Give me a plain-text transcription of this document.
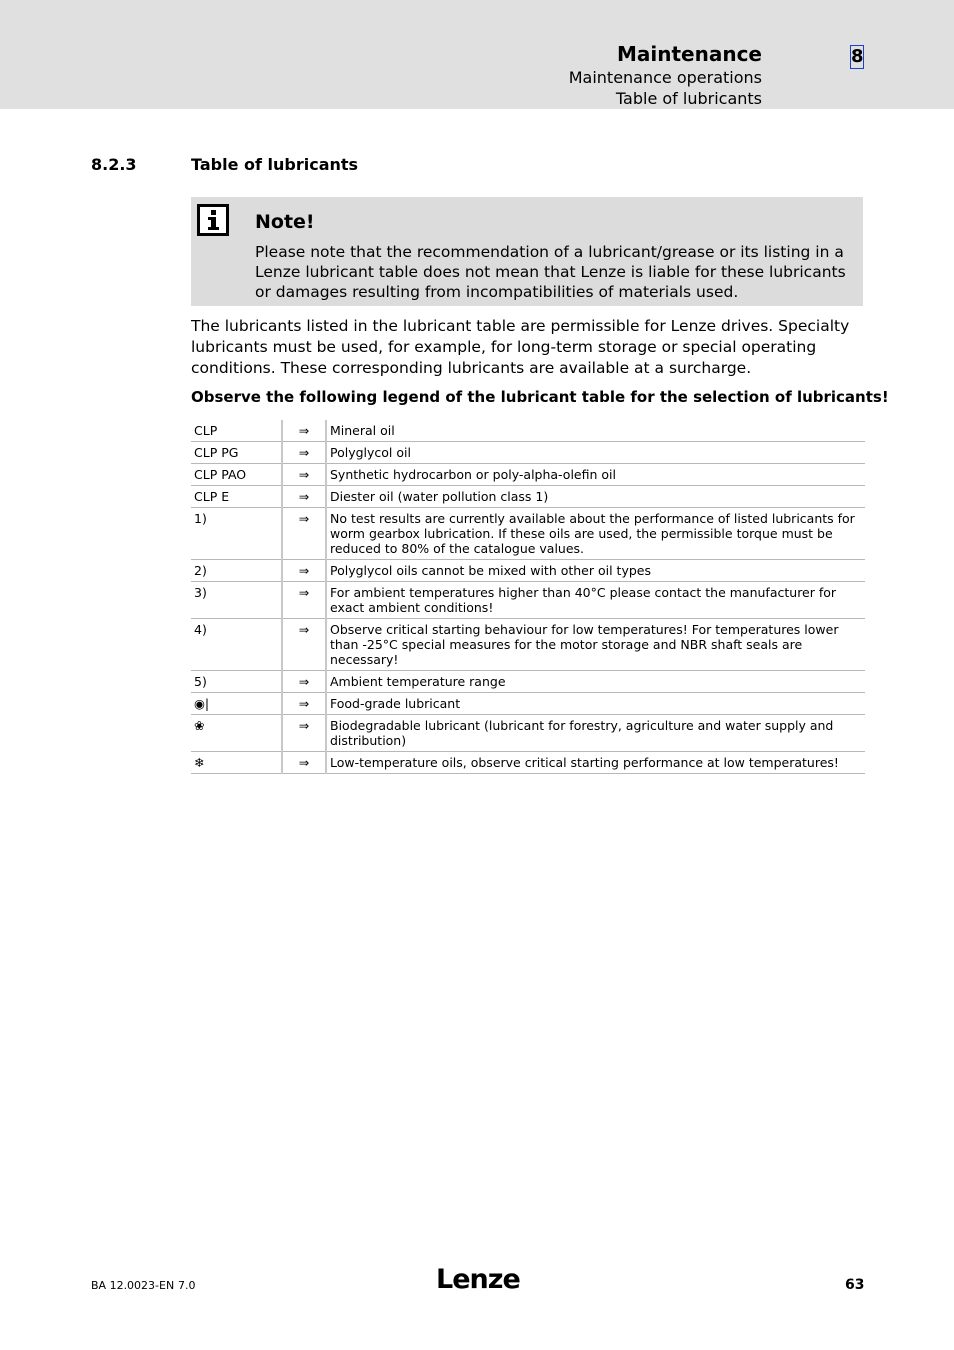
Maintenance
Maintenance operations
Table of lubricants
8
8.2.3	Table of lubricants
Note!
Please note that the recommendation of a lubricant/grease or its listing in a Lenze lubricant table does not mean that Lenze is liable for these lubricants or damages resulting from incompatibilities of materials used.
The lubricants listed in the lubricant table are permissible for Lenze drives. Specialty lubricants must be used, for example, for long-term storage or special operating conditions. These corresponding lubricants are available at a surcharge.
Observe the following legend of the lubricant table for the selection of lubricants!
CLP	⇒	Mineral oil
CLP PG	⇒	Polyglycol oil
CLP PAO	⇒	Synthetic hydrocarbon or poly-alpha-olefin oil
CLP E	⇒	Diester oil (water pollution class 1)
1)	⇒	No test results are currently available about the performance of listed lubricants for worm gearbox lubrication. If these oils are used, the permissible torque must be reduced to 80% of the catalogue values.
2)	⇒	Polyglycol oils cannot be mixed with other oil types
3)	⇒	For ambient temperatures higher than 40°C please contact the manufacturer for exact ambient conditions!
4)	⇒	Observe critical starting behaviour for low temperatures! For temperatures lower than -25°C special measures for the motor storage and NBR shaft seals are necessary!
5)	⇒	Ambient temperature range
◉|	⇒	Food-grade lubricant
❀	⇒	Biodegradable lubricant (lubricant for forestry, agriculture and water supply and distribution)
❄	⇒	Low-temperature oils, observe critical starting performance at low temperatures!
BA 12.0023-EN 7.0	Lenze	63
